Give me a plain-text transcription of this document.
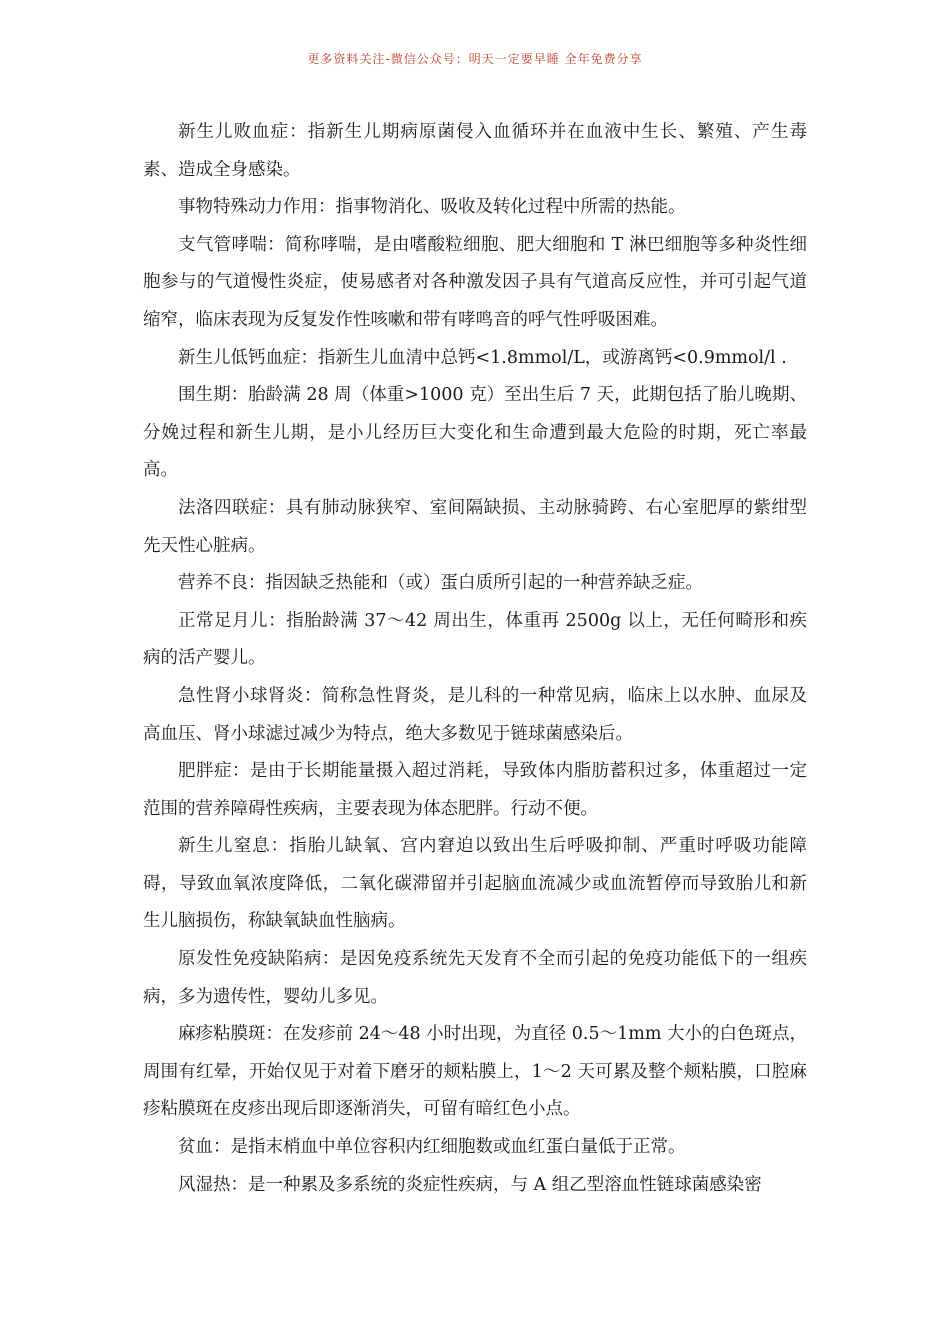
更多资料关注-微信公众号：明天一定要早睡 全年免费分享

新生儿败血症：指新生儿期病原菌侵入血循环并在血液中生长、繁殖、产生毒素、造成全身感染。

事物特殊动力作用：指事物消化、吸收及转化过程中所需的热能。

支气管哮喘：简称哮喘，是由嗜酸粒细胞、肥大细胞和 T 淋巴细胞等多种炎性细胞参与的气道慢性炎症，使易感者对各种激发因子具有气道高反应性，并可引起气道缩窄，临床表现为反复发作性咳嗽和带有哮鸣音的呼气性呼吸困难。

新生儿低钙血症：指新生儿血清中总钙<1.8mmol/L，或游离钙<0.9mmol/l .

围生期：胎龄满 28 周（体重>1000 克）至出生后 7 天，此期包括了胎儿晚期、分娩过程和新生儿期，是小儿经历巨大变化和生命遭到最大危险的时期，死亡率最高。

法洛四联症：具有肺动脉狭窄、室间隔缺损、主动脉骑跨、右心室肥厚的紫绀型先天性心脏病。

营养不良：指因缺乏热能和（或）蛋白质所引起的一种营养缺乏症。

正常足月儿：指胎龄满 37～42 周出生，体重再 2500g 以上，无任何畸形和疾病的活产婴儿。

急性肾小球肾炎：简称急性肾炎，是儿科的一种常见病，临床上以水肿、血尿及高血压、肾小球滤过减少为特点，绝大多数见于链球菌感染后。

肥胖症：是由于长期能量摄入超过消耗，导致体内脂肪蓄积过多，体重超过一定范围的营养障碍性疾病，主要表现为体态肥胖。行动不便。

新生儿窒息：指胎儿缺氧、宫内窘迫以致出生后呼吸抑制、严重时呼吸功能障碍，导致血氧浓度降低，二氧化碳滞留并引起脑血流减少或血流暂停而导致胎儿和新生儿脑损伤，称缺氧缺血性脑病。

原发性免疫缺陷病：是因免疫系统先天发育不全而引起的免疫功能低下的一组疾病，多为遗传性，婴幼儿多见。

麻疹粘膜斑：在发疹前 24～48 小时出现，为直径 0.5～1mm 大小的白色斑点，周围有红晕，开始仅见于对着下磨牙的颊粘膜上，1～2 天可累及整个颊粘膜，口腔麻疹粘膜斑在皮疹出现后即逐渐消失，可留有暗红色小点。

贫血：是指末梢血中单位容积内红细胞数或血红蛋白量低于正常。

风湿热：是一种累及多系统的炎症性疾病，与 A 组乙型溶血性链球菌感染密
